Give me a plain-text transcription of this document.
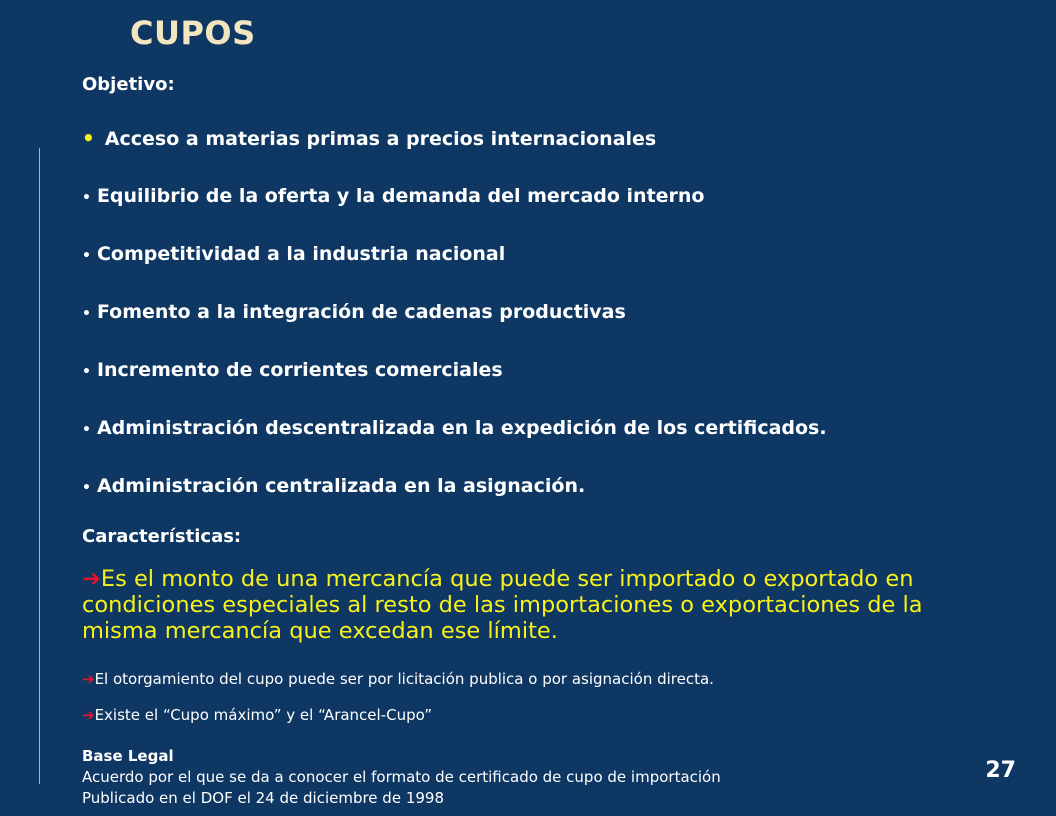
CUPOS
Objetivo:
• Acceso a materias primas a precios internacionales
• Equilibrio de la oferta y la demanda del mercado interno
• Competitividad a la industria nacional
• Fomento a la integración de cadenas productivas
• Incremento de corrientes comerciales
• Administración descentralizada en la expedición de los certificados.
• Administración centralizada en la asignación.
Características:
➔Es el monto de una mercancía que puede ser importado o exportado en condiciones especiales al resto de las importaciones o exportaciones de la misma mercancía que excedan ese límite.
➔El otorgamiento del cupo puede ser por licitación publica o por asignación directa.
➔Existe el “Cupo máximo” y el “Arancel-Cupo”
Base Legal
Acuerdo por el que se da a conocer el formato de certificado de cupo de importación
Publicado en el DOF el 24 de diciembre de 1998
27
